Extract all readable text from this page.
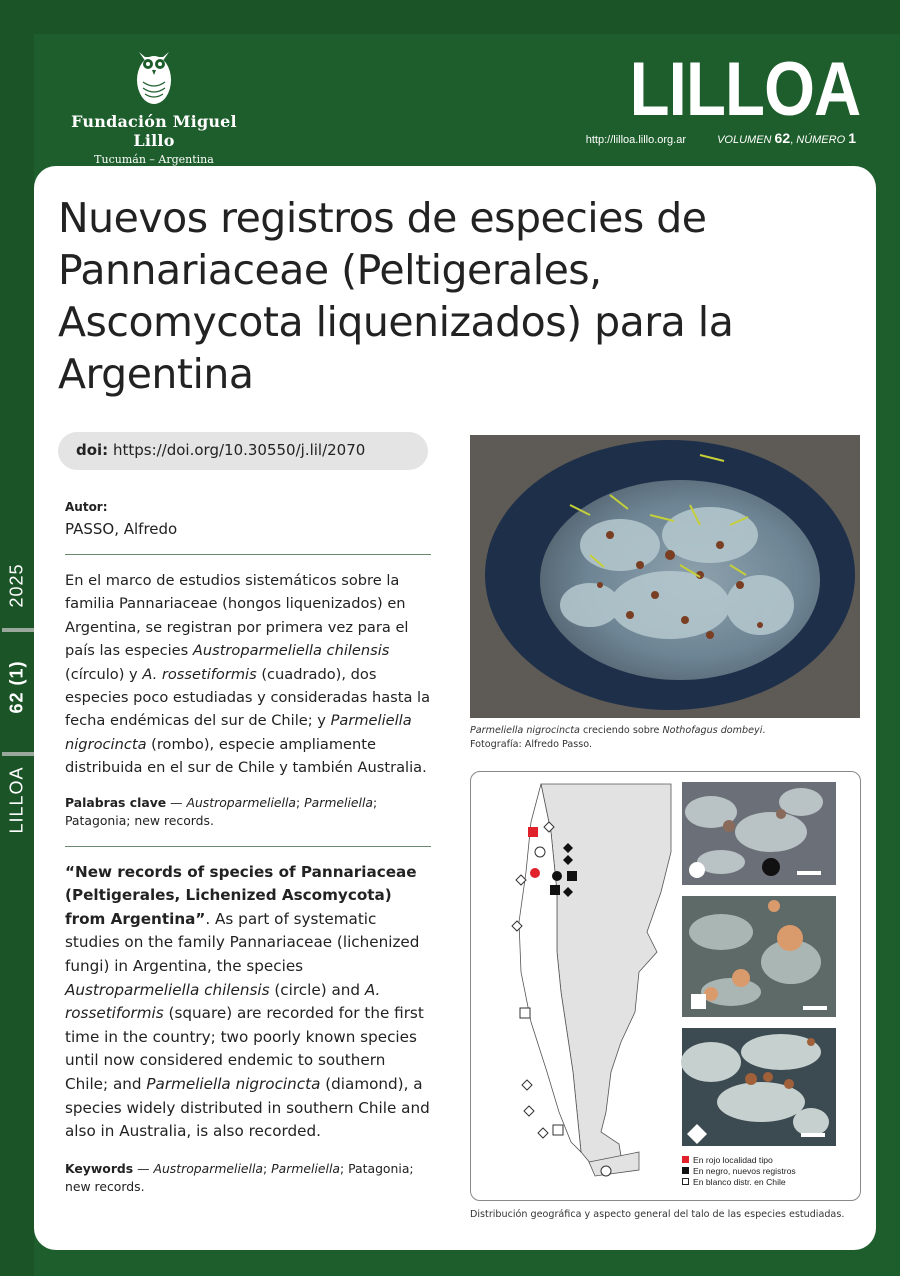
Fundación Miguel Lillo
Tucumán – Argentina
LILLOA
http://lilloa.lillo.org.ar	VOLUMEN 62, NÚMERO 1
2025
62 (1)
LILLOA
Nuevos registros de especies de Pannariaceae (Peltigerales, Ascomycota liquenizados) para la Argentina
doi: https://doi.org/10.30550/j.lil/2070
Autor:
PASSO, Alfredo

En el marco de estudios sistemáticos sobre la familia Pannariaceae (hongos liquenizados) en Argentina, se registran por primera vez para el país las especies Austroparmeliella chilensis (círculo) y A. rossetiformis (cuadrado), dos especies poco estudiadas y consideradas hasta la fecha endémicas del sur de Chile; y Parmeliella nigrocincta (rombo), especie ampliamente distribuida en el sur de Chile y también Australia.

Palabras clave — Austroparmeliella; Parmeliella; Patagonia; new records.

“New records of species of Pannariaceae (Peltigerales, Lichenized Ascomycota) from Argentina”. As part of systematic studies on the family Pannariaceae (lichenized fungi) in Argentina, the species Austroparmeliella chilensis (circle) and A. rossetiformis (square) are recorded for the first time in the country; two poorly known species until now considered endemic to southern Chile; and Parmeliella nigrocincta (diamond), a species widely distributed in southern Chile and also in Australia, is also recorded.

Keywords — Austroparmeliella; Parmeliella; Patagonia; new records.

Parmeliella nigrocincta creciendo sobre Nothofagus dombeyi.
Fotografía: Alfredo Passo.
En rojo localidad tipo
En negro, nuevos registros
En blanco distr. en Chile
Distribución geográfica y aspecto general del talo de las especies estudiadas.
